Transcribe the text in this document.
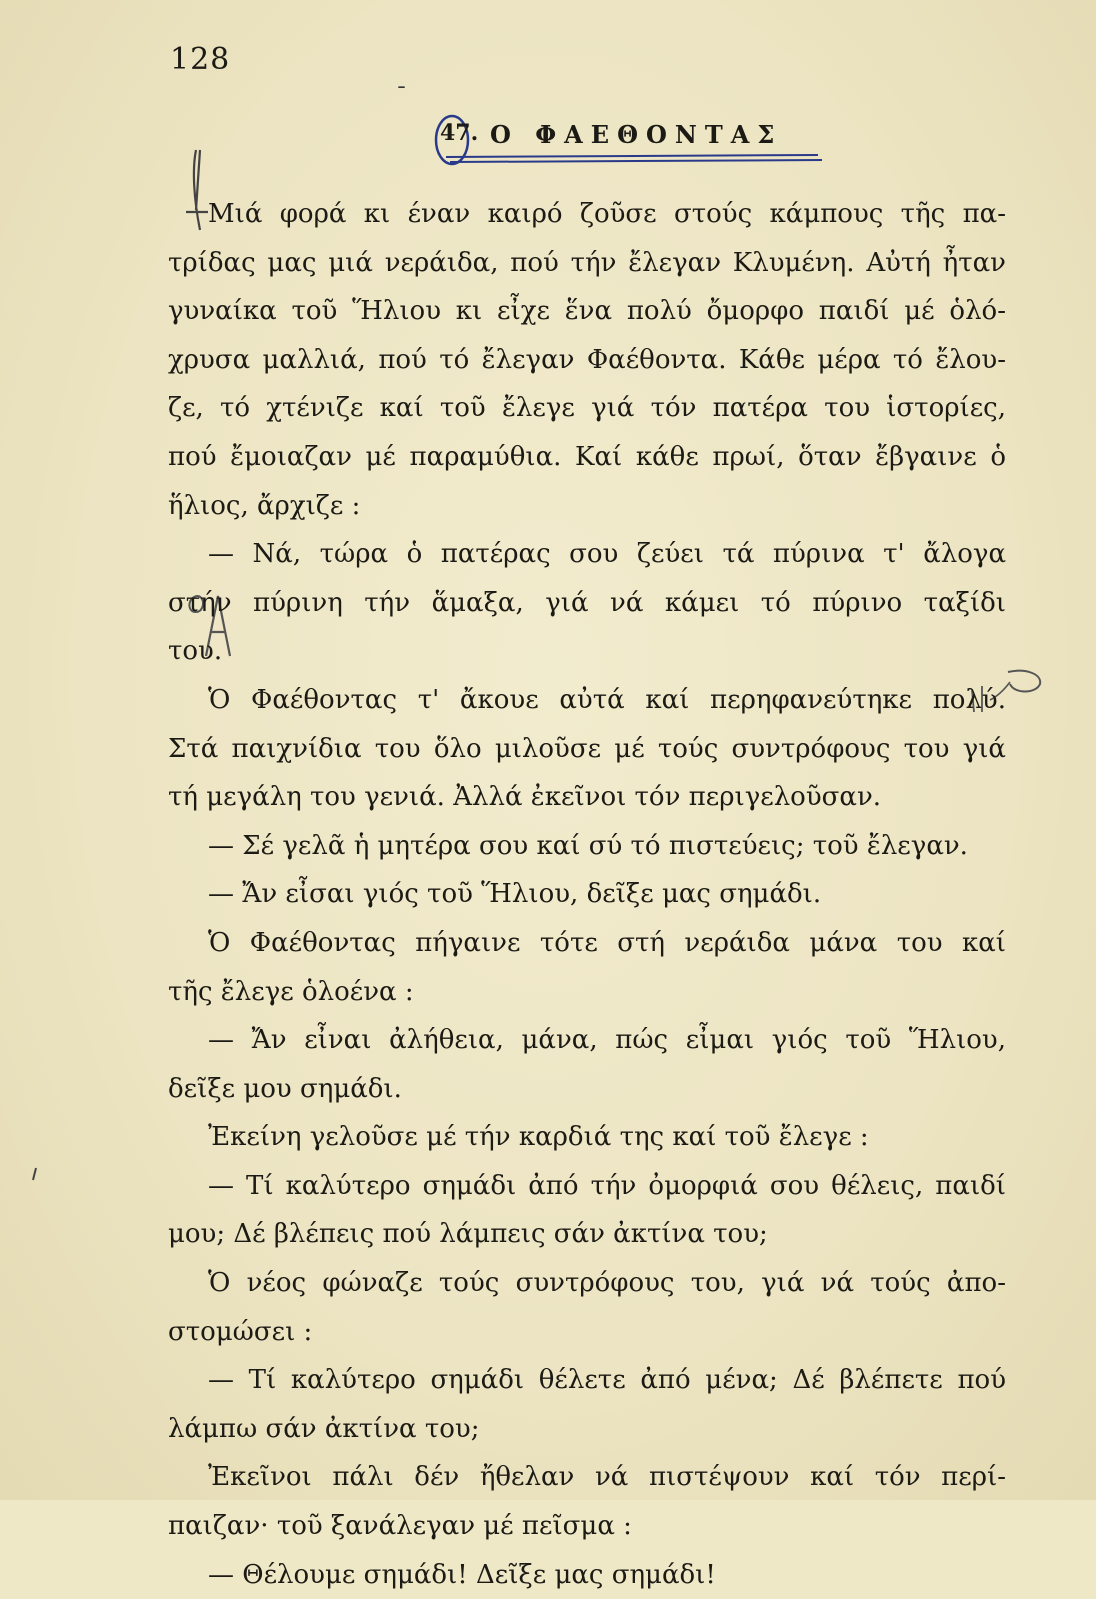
128
ˉ
47. Ο ΦΑΕΘΟΝΤΑΣ
Μιά φορά κι έναν καιρό ζοῦσε στούς κάμπους τῆς πα-
τρίδας μας μιά νεράιδα, πού τήν ἔλεγαν Κλυμένη. Αὐτή ἦταν
γυναίκα τοῦ Ἥλιου κι εἶχε ἕνα πολύ ὄμορφο παιδί μέ ὁλό-
χρυσα μαλλιά, πού τό ἔλεγαν Φαέθοντα. Κάθε μέρα τό ἔλου-
ζε, τό χτένιζε καί τοῦ ἔλεγε γιά τόν πατέρα του ἱστορίες,
πού ἔμοιαζαν μέ παραμύθια. Καί κάθε πρωί, ὅταν ἔβγαινε ὁ
ἥλιος, ἄρχιζε :
— Νά, τώρα ὁ πατέρας σου ζεύει τά πύρινα τ' ἄλογα
στήν πύρινη τήν ἅμαξα, γιά νά κάμει τό πύρινο ταξίδι
του.
Ὁ Φαέθοντας τ' ἄκουε αὐτά καί περηφανεύτηκε πολύ.
Στά παιχνίδια του ὅλο μιλοῦσε μέ τούς συντρόφους του γιά
τή μεγάλη του γενιά. Ἀλλά ἐκεῖνοι τόν περιγελοῦσαν.
— Σέ γελᾶ ἡ μητέρα σου καί σύ τό πιστεύεις; τοῦ ἔλεγαν.
— Ἄν εἶσαι γιός τοῦ Ἥλιου, δεῖξε μας σημάδι.
Ὁ Φαέθοντας πήγαινε τότε στή νεράιδα μάνα του καί
τῆς ἔλεγε ὁλοένα :
— Ἄν εἶναι ἀλήθεια, μάνα, πώς εἶμαι γιός τοῦ Ἥλιου,
δεῖξε μου σημάδι.
Ἐκείνη γελοῦσε μέ τήν καρδιά της καί τοῦ ἔλεγε :
— Τί καλύτερο σημάδι ἀπό τήν ὀμορφιά σου θέλεις, παιδί
μου; Δέ βλέπεις πού λάμπεις σάν ἀκτίνα του;
Ὁ νέος φώναζε τούς συντρόφους του, γιά νά τούς ἀπο-
στομώσει :
— Τί καλύτερο σημάδι θέλετε ἀπό μένα; Δέ βλέπετε πού
λάμπω σάν ἀκτίνα του;
Ἐκεῖνοι πάλι δέν ἤθελαν νά πιστέψουν καί τόν περί-
παιζαν· τοῦ ξανάλεγαν μέ πεῖσμα :
— Θέλουμε σημάδι! Δεῖξε μας σημάδι!
